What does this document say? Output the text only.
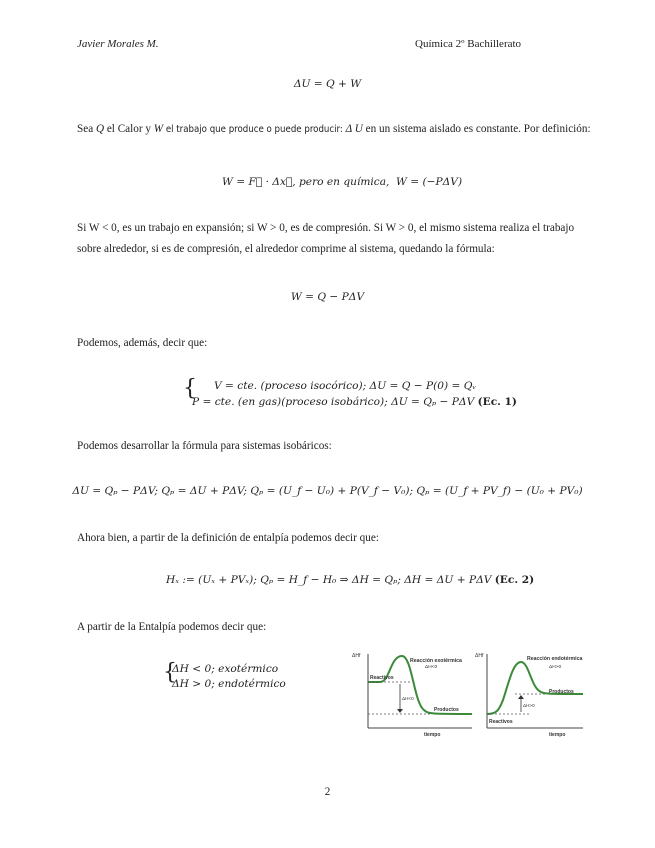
Javier Morales M.	Química 2º Bachillerato
ΔU = Q + W
Sea Q el Calor y W el trabajo que produce o puede producir: Δ U en un sistema aislado es constante. Por definición:
W = F⃗ · Δx⃗, pero en química, W = (−PΔV)
Si W < 0, es un trabajo en expansión; si W > 0, es de compresión. Si W > 0, el mismo sistema realiza el trabajo
sobre alrededor, si es de compresión, el alrededor comprime al sistema, quedando la fórmula:
W = Q − PΔV
Podemos, además, decir que:
{ V = cte. (proceso isocórico); ΔU = Q − P(0) = Qᵥ
P = cte. (en gas)(proceso isobárico); ΔU = Qₚ − PΔV (Ec. 1)
Podemos desarrollar la fórmula para sistemas isobáricos:
ΔU = Qₚ − PΔV; Qₚ = ΔU + PΔV; Qₚ = (U_f − U₀) + P(V_f − V₀); Qₚ = (U_f + PV_f) − (U₀ + PV₀)
Ahora bien, a partir de la definición de entalpía podemos decir que:
Hₓ := (Uₓ + PVₓ); Qₚ = H_f − H₀ ⇒ ΔH = Qₚ; ΔH = ΔU + PΔV (Ec. 2)
A partir de la Entalpía podemos decir que:
{
ΔH < 0; exotérmico
ΔH > 0; endotérmico
ΔHf
Reacción exotérmica
ΔH<0
Reactivos
Productos
ΔH<0
tiempo
ΔHf	Reacción endotérmica
ΔH>0
Productos
Reactivos
ΔH>0
tiempo
2
